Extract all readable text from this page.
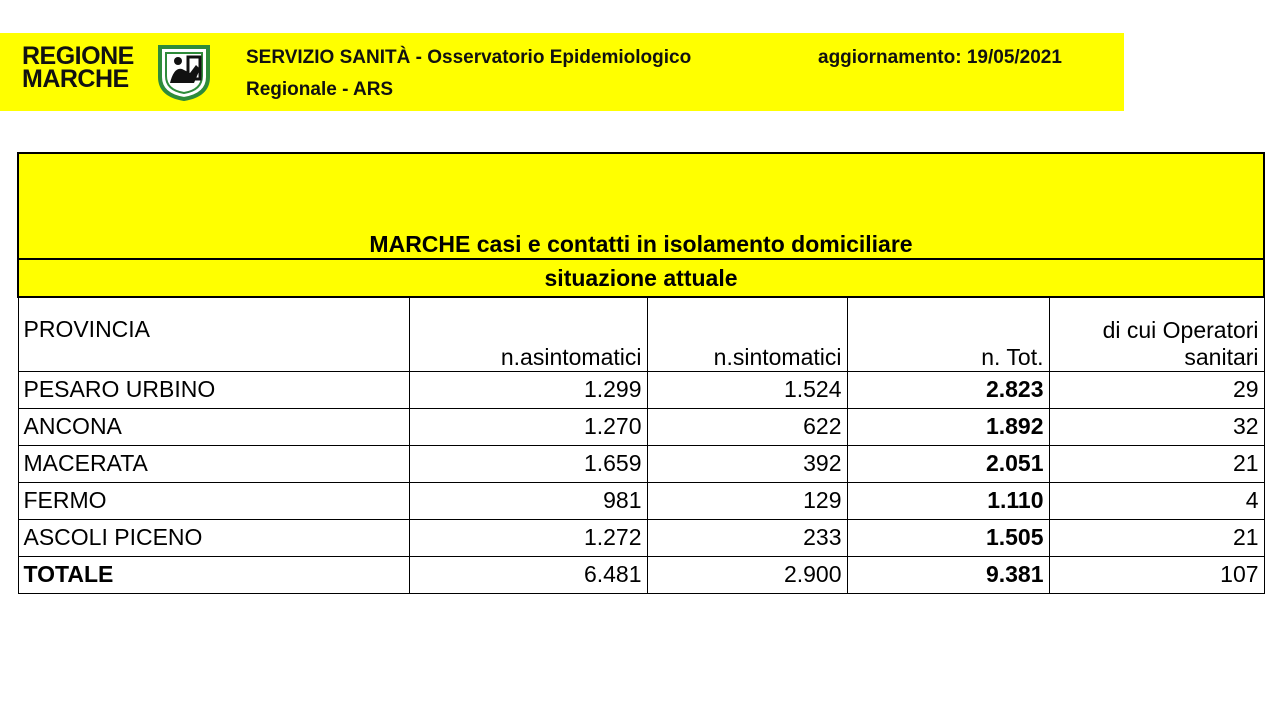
REGIONE
MARCHE
SERVIZIO SANITÀ - Osservatorio Epidemiologico
Regionale - ARS
aggiornamento: 19/05/2021
MARCHE casi e contatti in isolamento domiciliare				
situazione attuale				
PROVINCIA	n.asintomatici	n.sintomatici	n. Tot.	di cui Operatori
sanitari

PESARO URBINO	1.299	1.524	2.823	29
ANCONA	1.270	622	1.892	32
MACERATA	1.659	392	2.051	21
FERMO	981	129	1.110	4
ASCOLI PICENO	1.272	233	1.505	21
TOTALE	6.481	2.900	9.381	107
